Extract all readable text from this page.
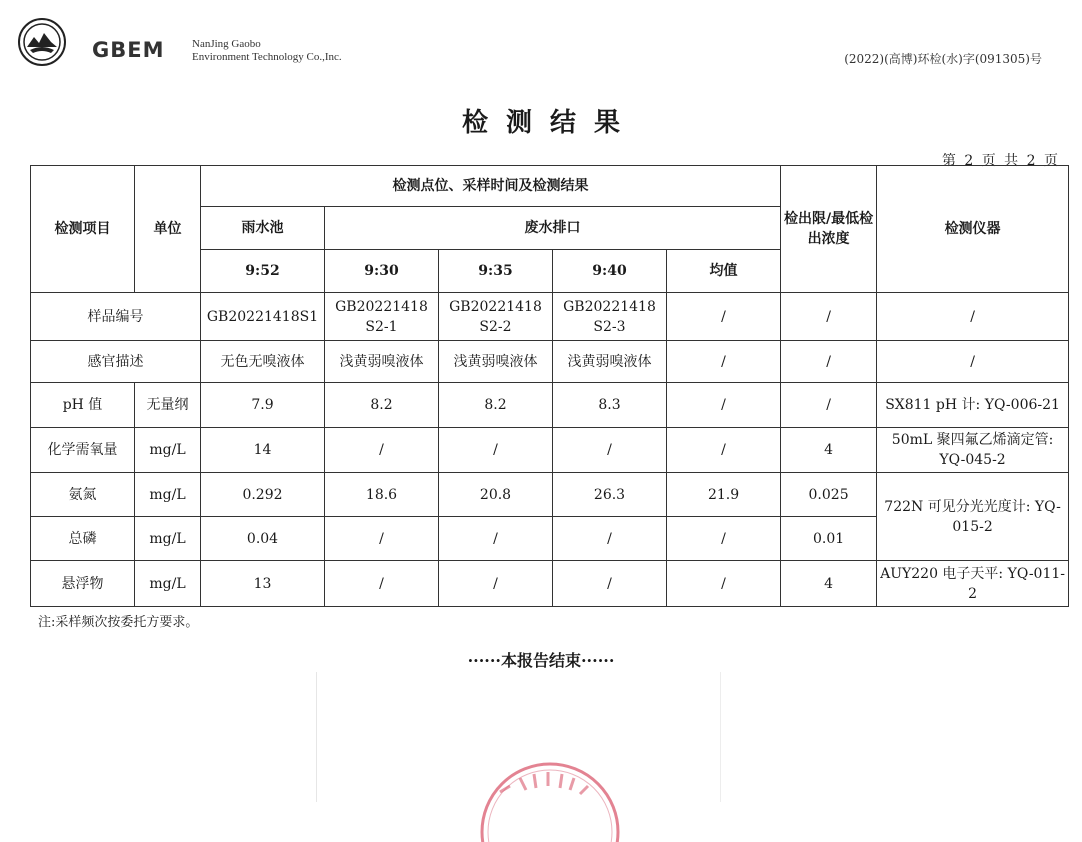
GBEM	NanJing Gaobo
Environment Technology Co.,Inc.	(2022)(高博)环检(水)字(091305)号
检测结果
第 2 页 共 2 页
检测项目	单位	检测点位、采样时间及检测结果					检出限/最低检出浓度	检测仪器
		雨水池	废水排口					
		9:52	9:30	9:35	9:40	均值		
样品编号		GB20221418S1	GB20221418 S2-1	GB20221418 S2-2	GB20221418 S2-3	/	/	/
感官描述		无色无嗅液体	浅黄弱嗅液体	浅黄弱嗅液体	浅黄弱嗅液体	/	/	/
pH 值	无量纲	7.9	8.2	8.2	8.3	/	/	SX811 pH 计: YQ-006-21
化学需氧量	mg/L	14	/	/	/	/	4	50mL 聚四氟乙烯滴定管: YQ-045-2
氨氮	mg/L	0.292	18.6	20.8	26.3	21.9	0.025	722N 可见分光光度计: YQ-015-2
总磷	mg/L	0.04	/	/	/	/	0.01	
悬浮物	mg/L	13	/	/	/	/	4	AUY220 电子天平: YQ-011-2
注:采样频次按委托方要求。
······本报告结束······
